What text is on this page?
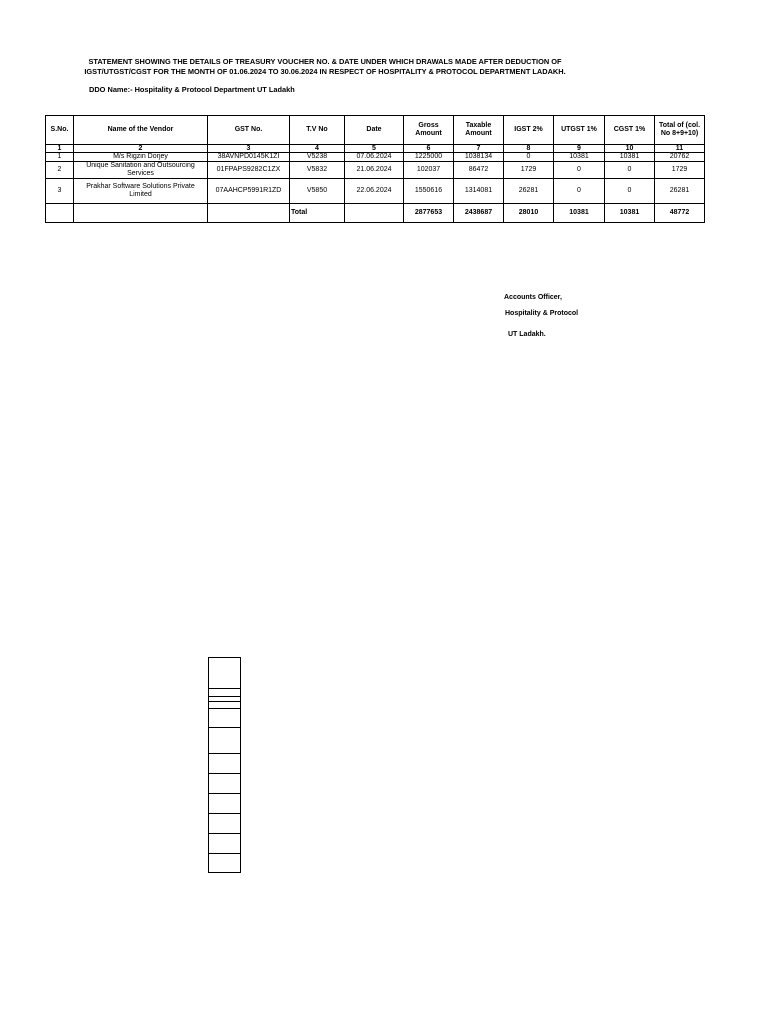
STATEMENT SHOWING THE DETAILS OF TREASURY VOUCHER NO. & DATE UNDER WHICH DRAWALS MADE AFTER DEDUCTION OF
IGST/UTGST/CGST FOR THE MONTH OF 01.06.2024 TO 30.06.2024 IN RESPECT OF HOSPITALITY & PROTOCOL DEPARTMENT LADAKH.
DDO Name:- Hospitality & Protocol Department UT Ladakh
S.No.	Name of the Vendor	GST No.	T.V No	Date	Gross Amount	Taxable Amount	IGST 2%	UTGST 1%	CGST 1%	Total of (col. No 8+9+10)
1	2	3	4	5	6	7	8	9	10	11
1	M/s Rigzin Dorjey	38AVNPD0145K1ZI	V5238	07.06.2024	1225000	1038134	0	10381	10381	20762
2	Unique Sanitation and Outsourcing Services	01FPAPS9282C1ZX	V5832	21.06.2024	102037	86472	1729	0	0	1729
3	Prakhar Software Solutions Private Limited	07AAHCP5991R1ZD	V5850	22.06.2024	1550616	1314081	26281	0	0	26281
			Total		2877653	2438687	28010	10381	10381	48772
Accounts Officer,
Hospitality & Protocol
UT Ladakh.
